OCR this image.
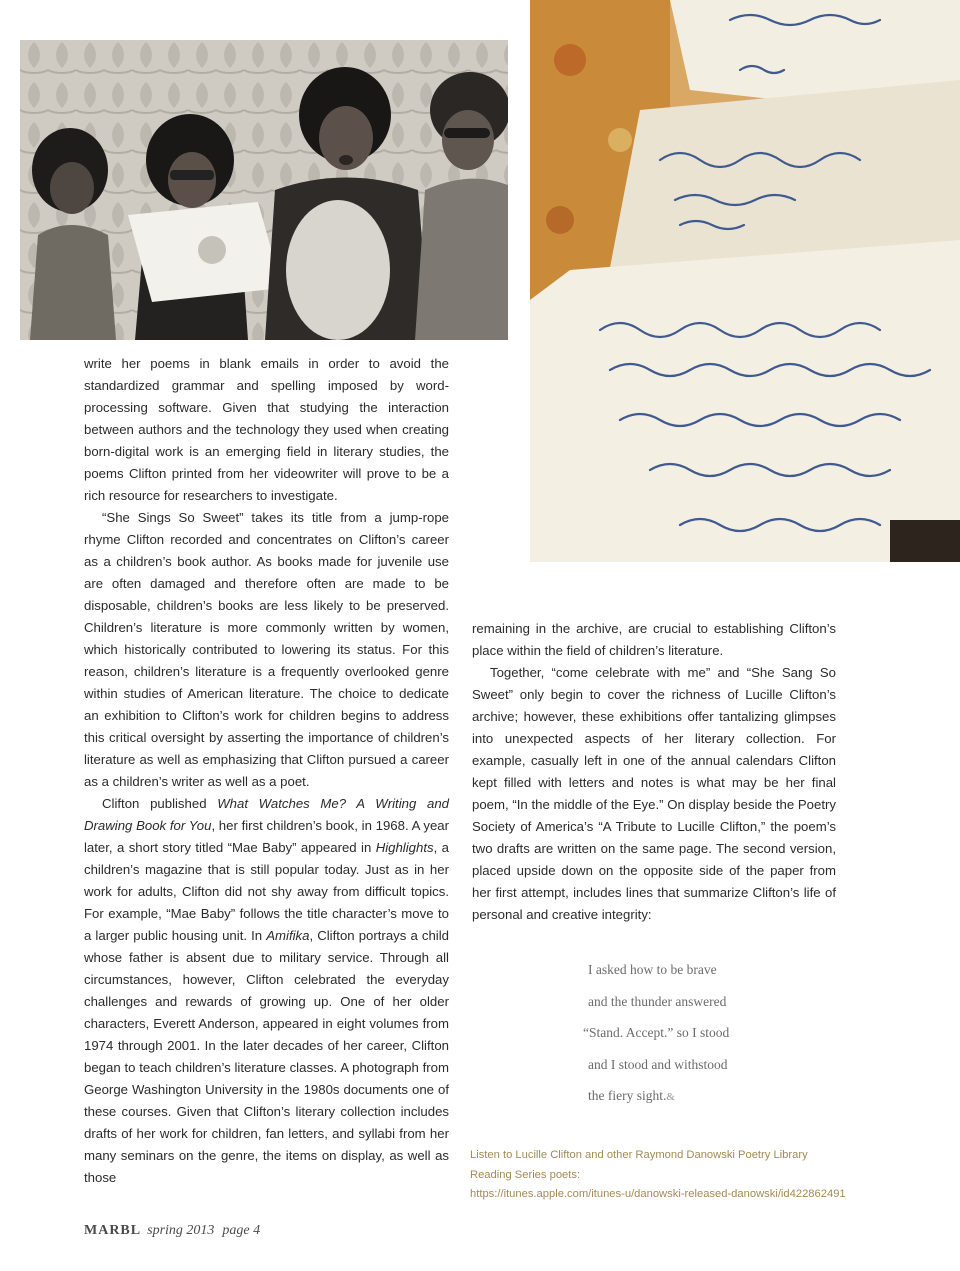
write her poems in blank emails in order to avoid the standardized grammar and spelling imposed by word-processing software. Given that studying the interaction between authors and the technology they used when creating born-digital work is an emerging field in literary studies, the poems Clifton printed from her videowriter will prove to be a rich resource for researchers to investigate.

“She Sings So Sweet” takes its title from a jump-rope rhyme Clifton recorded and concentrates on Clifton’s career as a children’s book author. As books made for juvenile use are often damaged and therefore often are made to be disposable, children’s books are less likely to be preserved. Children’s literature is more commonly written by women, which historically contributed to lowering its status. For this reason, children’s literature is a frequently overlooked genre within studies of American literature. The choice to dedicate an exhibition to Clifton’s work for children begins to address this critical oversight by asserting the importance of children’s literature as well as emphasizing that Clifton pursued a career as a children’s writer as well as a poet.

Clifton published What Watches Me? A Writing and Drawing Book for You, her first children’s book, in 1968. A year later, a short story titled “Mae Baby” appeared in Highlights, a children’s magazine that is still popular today. Just as in her work for adults, Clifton did not shy away from difficult topics. For example, “Mae Baby” follows the title character’s move to a larger public housing unit. In Amifika, Clifton portrays a child whose father is absent due to military service. Through all circumstances, however, Clifton celebrated the everyday challenges and rewards of growing up. One of her older characters, Everett Anderson, appeared in eight volumes from 1974 through 2001. In the later decades of her career, Clifton began to teach children’s literature classes. A photograph from George Washington University in the 1980s documents one of these courses. Given that Clifton’s literary collection includes drafts of her work for children, fan letters, and syllabi from her many seminars on the genre, the items on display, as well as those

remaining in the archive, are crucial to establishing Clifton’s place within the field of children’s literature.

Together, “come celebrate with me” and “She Sang So Sweet” only begin to cover the richness of Lucille Clifton’s archive; however, these exhibitions offer tantalizing glimpses into unexpected aspects of her literary collection. For example, casually left in one of the annual calendars Clifton kept filled with letters and notes is what may be her final poem, “In the middle of the Eye.” On display beside the Poetry Society of America’s “A Tribute to Lucille Clifton,” the poem’s two drafts are written on the same page. The second version, placed upside down on the opposite side of the paper from her first attempt, includes lines that summarize Clifton’s life of personal and creative integrity:

I asked how to be brave
and the thunder answered
“Stand. Accept.” so I stood
and I stood and withstood
the fiery sight.&
Listen to Lucille Clifton and other Raymond Danowski Poetry Library
Reading Series poets:
https://itunes.apple.com/itunes-u/danowski-released-danowski/id422862491
MARBL spring 2013 page 4
